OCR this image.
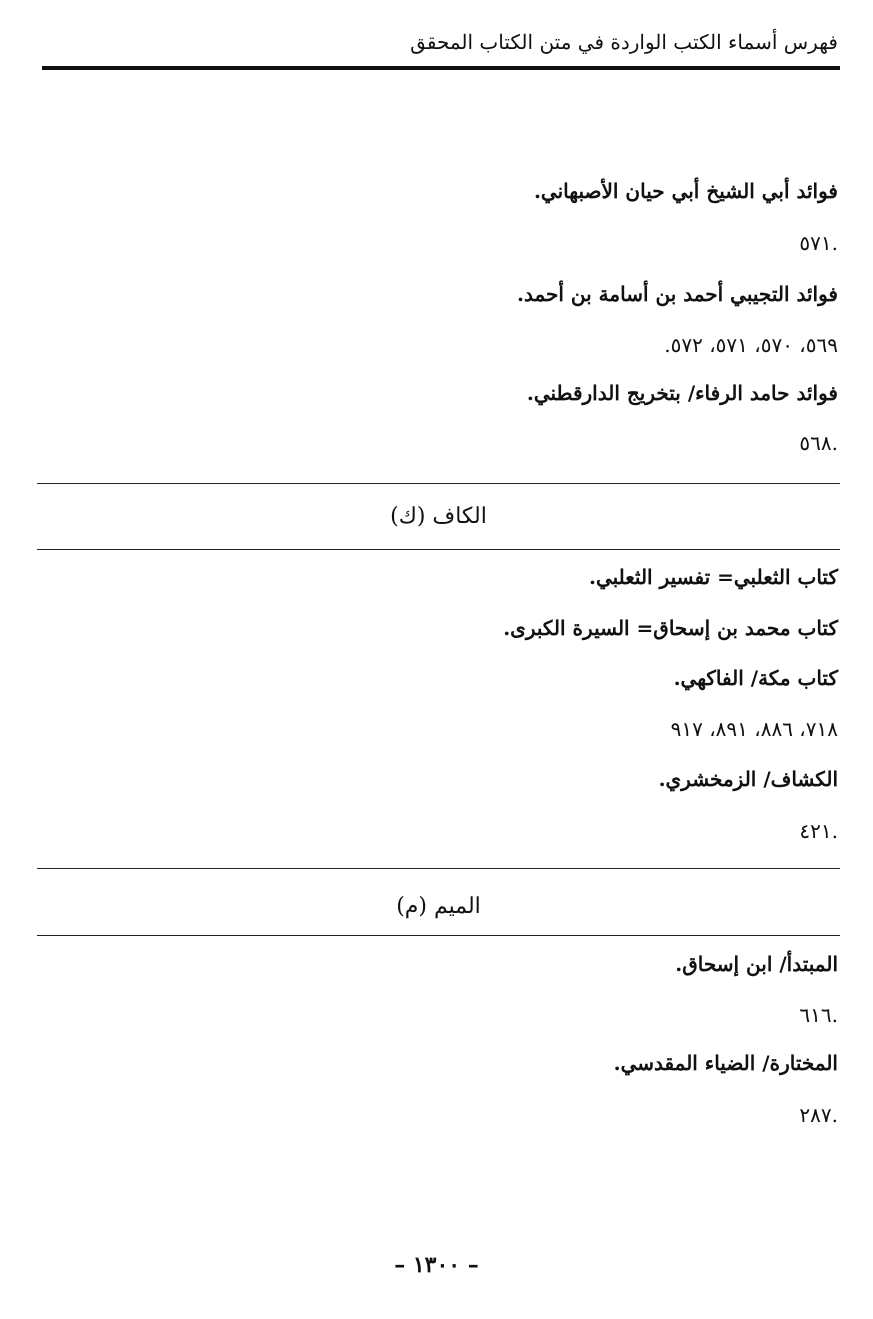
فهرس أسماء الكتب الواردة في متن الكتاب المحقق
فوائد أبي الشيخ أبي حيان الأصبهاني.
.٥٧١
فوائد التجيبي أحمد بن أسامة بن أحمد.
٥٦٩، ٥٧٠، ٥٧١، ٥٧٢.
فوائد حامد الرفاء/ بتخريج الدارقطني.
.٥٦٨
الكاف (ك)
كتاب الثعلبي= تفسير الثعلبي.
كتاب محمد بن إسحاق= السيرة الكبرى.
كتاب مكة/ الفاكهي.
٧١٨، ٨٨٦، ٨٩١، ٩١٧
الكشاف/ الزمخشري.
.٤٢١
الميم (م)
المبتدأ/ ابن إسحاق.
.٦١٦
المختارة/ الضياء المقدسي.
.٢٨٧
– ١٣٠٠ –
